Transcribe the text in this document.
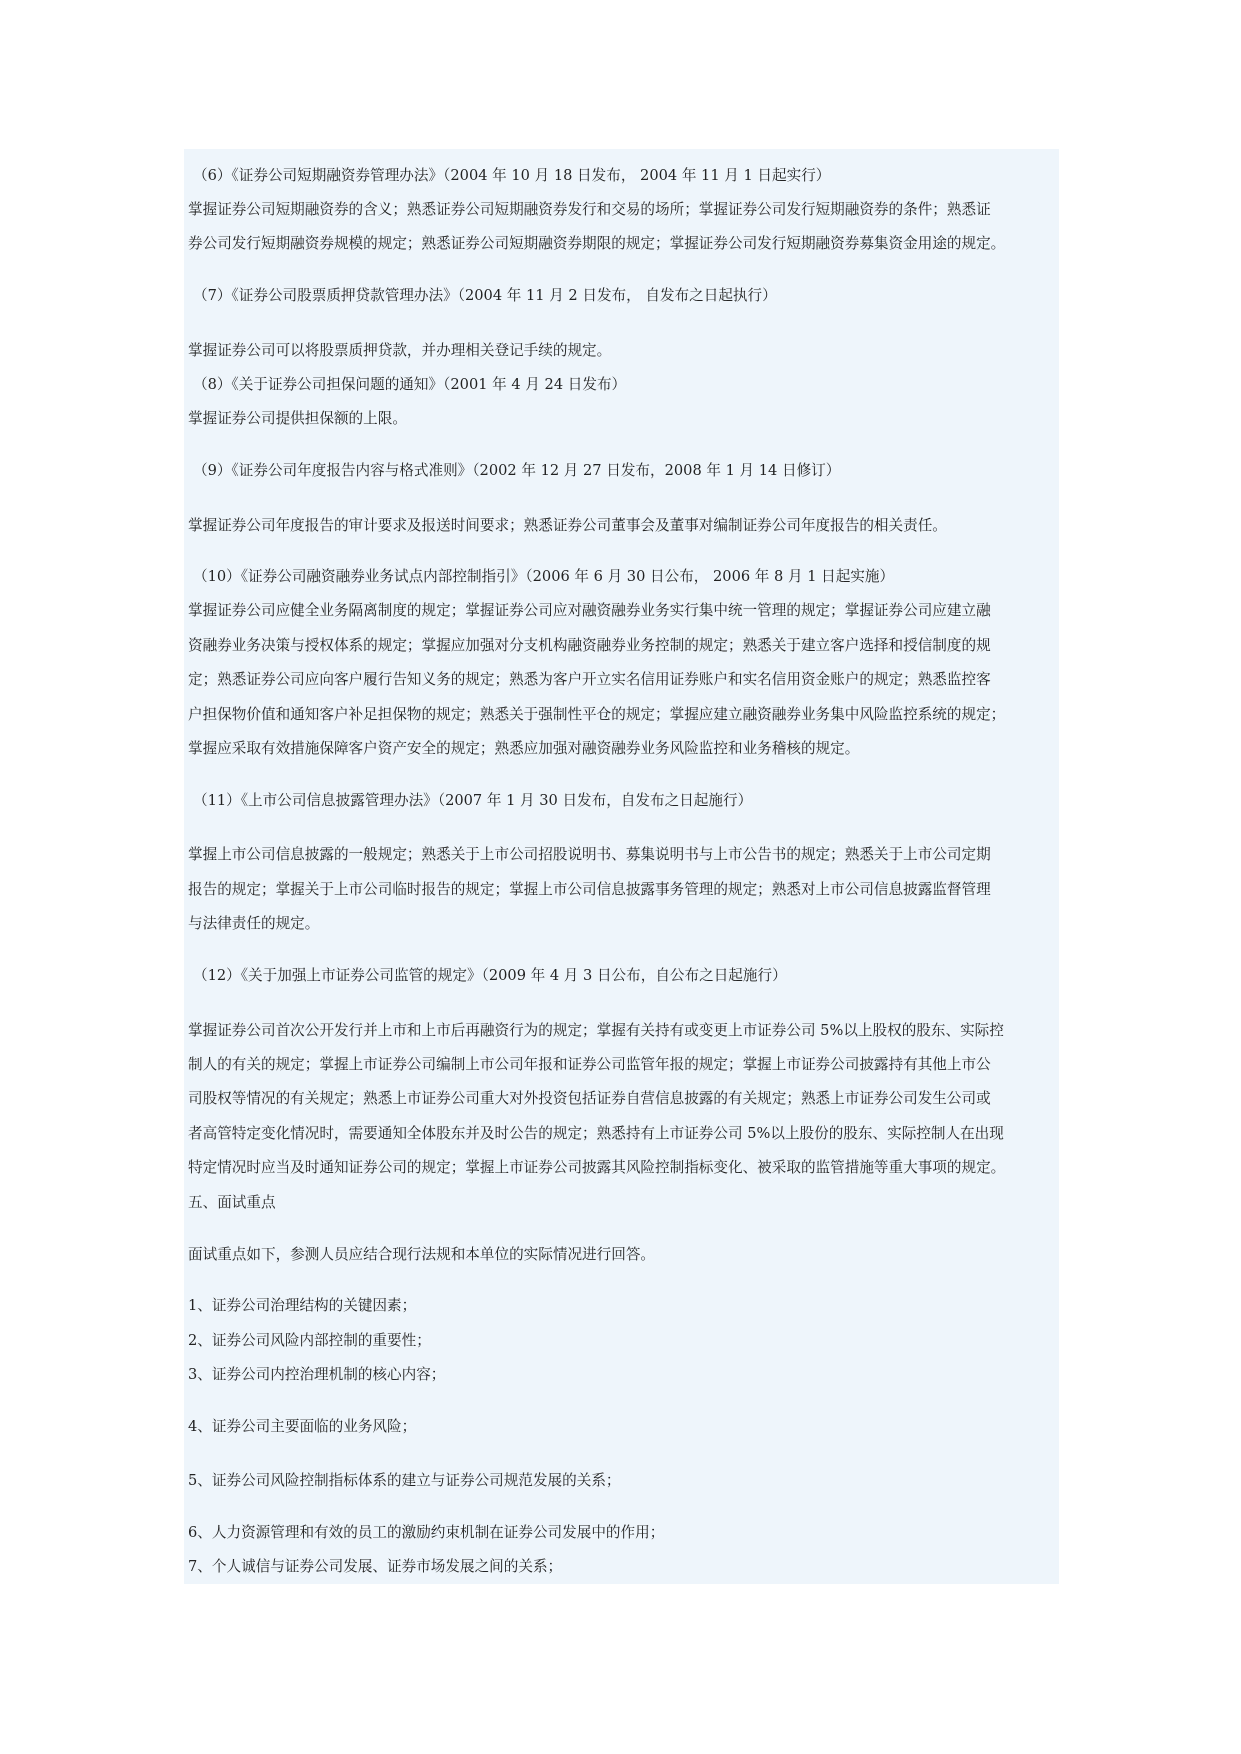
（6）《证券公司短期融资券管理办法》（2004 年 10 月 18 日发布， 2004 年 11 月 1 日起实行）
掌握证券公司短期融资券的含义；熟悉证券公司短期融资券发行和交易的场所；掌握证券公司发行短期融资券的条件；熟悉证
券公司发行短期融资券规模的规定；熟悉证券公司短期融资券期限的规定；掌握证券公司发行短期融资券募集资金用途的规定。
（7）《证券公司股票质押贷款管理办法》（2004 年 11 月 2 日发布， 自发布之日起执行）
掌握证券公司可以将股票质押贷款，并办理相关登记手续的规定。
（8）《关于证券公司担保问题的通知》（2001 年 4 月 24 日发布）
掌握证券公司提供担保额的上限。
（9）《证券公司年度报告内容与格式准则》（2002 年 12 月 27 日发布，2008 年 1 月 14 日修订）
掌握证券公司年度报告的审计要求及报送时间要求；熟悉证券公司董事会及董事对编制证券公司年度报告的相关责任。
（10）《证券公司融资融券业务试点内部控制指引》（2006 年 6 月 30 日公布， 2006 年 8 月 1 日起实施）
掌握证券公司应健全业务隔离制度的规定；掌握证券公司应对融资融券业务实行集中统一管理的规定；掌握证券公司应建立融
资融券业务决策与授权体系的规定；掌握应加强对分支机构融资融券业务控制的规定；熟悉关于建立客户选择和授信制度的规
定；熟悉证券公司应向客户履行告知义务的规定；熟悉为客户开立实名信用证券账户和实名信用资金账户的规定；熟悉监控客
户担保物价值和通知客户补足担保物的规定；熟悉关于强制性平仓的规定；掌握应建立融资融券业务集中风险监控系统的规定；
掌握应采取有效措施保障客户资产安全的规定；熟悉应加强对融资融券业务风险监控和业务稽核的规定。
（11）《上市公司信息披露管理办法》（2007 年 1 月 30 日发布，自发布之日起施行）
掌握上市公司信息披露的一般规定；熟悉关于上市公司招股说明书、募集说明书与上市公告书的规定；熟悉关于上市公司定期
报告的规定；掌握关于上市公司临时报告的规定；掌握上市公司信息披露事务管理的规定；熟悉对上市公司信息披露监督管理
与法律责任的规定。
（12）《关于加强上市证券公司监管的规定》（2009 年 4 月 3 日公布，自公布之日起施行）
掌握证券公司首次公开发行并上市和上市后再融资行为的规定；掌握有关持有或变更上市证券公司 5%以上股权的股东、实际控
制人的有关的规定；掌握上市证券公司编制上市公司年报和证券公司监管年报的规定；掌握上市证券公司披露持有其他上市公
司股权等情况的有关规定；熟悉上市证券公司重大对外投资包括证券自营信息披露的有关规定；熟悉上市证券公司发生公司或
者高管特定变化情况时，需要通知全体股东并及时公告的规定；熟悉持有上市证券公司 5%以上股份的股东、实际控制人在出现
特定情况时应当及时通知证券公司的规定；掌握上市证券公司披露其风险控制指标变化、被采取的监管措施等重大事项的规定。
五、面试重点
面试重点如下，参测人员应结合现行法规和本单位的实际情况进行回答。
1、证券公司治理结构的关键因素；
2、证券公司风险内部控制的重要性；
3、证券公司内控治理机制的核心内容；
4、证券公司主要面临的业务风险；
5、证券公司风险控制指标体系的建立与证券公司规范发展的关系；
6、人力资源管理和有效的员工的激励约束机制在证券公司发展中的作用；
7、个人诚信与证券公司发展、证券市场发展之间的关系；
